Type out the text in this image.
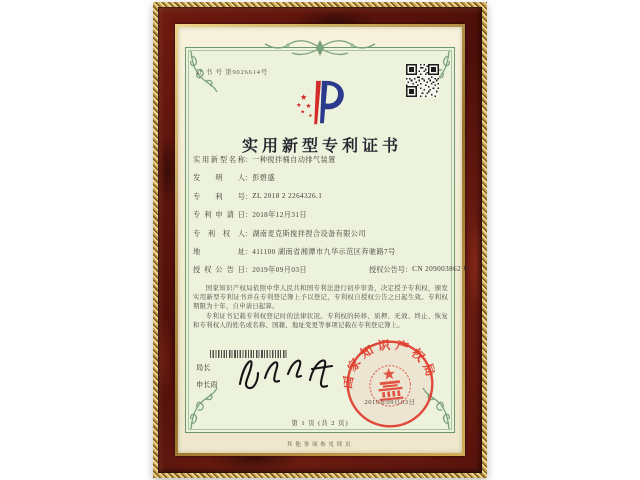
证 书 号 第9026614号
实用新型专利证书
实用新型名称：一种搅拌桶自动排气装置
发明人：彭碧盛
专利号：ZL 2018 2 2264326.1
专利申请日：2018年12月31日
专利权人：湖南麦克斯搅拌捏合设备有限公司
地址：411100 湖南省湘潭市九华示范区奔驰路7号
授权公告日：2019年09月03日	授权公告号：CN 209003862 U

国家知识产权局依照中华人民共和国专利法进行初步审查，决定授予专利权，颁发实用新型专利证书并在专利登记簿上予以登记，专利权自授权公告之日起生效。专利权期限为十年，自申请日起算。

专利证书记载专利权登记时的法律状况。专利权的转移、质押、无效、终止、恢复和专利权人的姓名或名称、国籍、地址变更等事项记载在专利登记簿上。

局长
申长雨	国家知识产权局
第 1 页 (共 2 页)
其他事项参见续页
